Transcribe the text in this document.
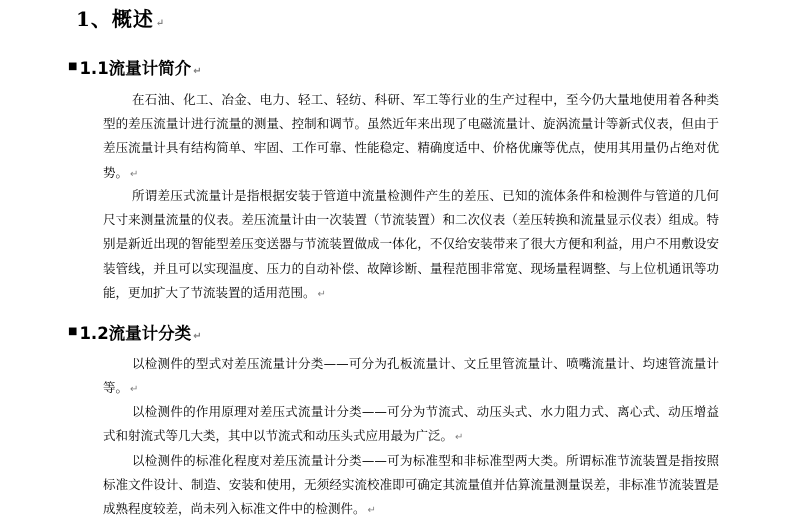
1、概述 ↵
■ 1.1流量计简介 ↵

在石油、化工、冶金、电力、轻工、轻纺、科研、军工等行业的生产过程中，至今仍大量地使用着各种类型的差压流量计进行流量的测量、控制和调节。虽然近年来出现了电磁流量计、旋涡流量计等新式仪表，但由于差压流量计具有结构简单、牢固、工作可靠、性能稳定、精确度适中、价格优廉等优点，使用其用量仍占绝对优势。 ↵

所谓差压式流量计是指根据安装于管道中流量检测件产生的差压、已知的流体条件和检测件与管道的几何尺寸来测量流量的仪表。差压流量计由一次装置（节流装置）和二次仪表（差压转换和流量显示仪表）组成。特别是新近出现的智能型差压变送器与节流装置做成一体化，不仅给安装带来了很大方便和利益，用户不用敷设安装管线，并且可以实现温度、压力的自动补偿、故障诊断、量程范围非常宽、现场量程调整、与上位机通讯等功能，更加扩大了节流装置的适用范围。 ↵

■ 1.2流量计分类 ↵

以检测件的型式对差压流量计分类——可分为孔板流量计、文丘里管流量计、喷嘴流量计、均速管流量计等。 ↵

以检测件的作用原理对差压式流量计分类——可分为节流式、动压头式、水力阻力式、离心式、动压增益式和射流式等几大类，其中以节流式和动压头式应用最为广泛。 ↵

以检测件的标准化程度对差压流量计分类——可为标准型和非标准型两大类。所谓标准节流装置是指按照标准文件设计、制造、安装和使用，无须经实流校准即可确定其流量值并估算流量测量误差，非标准节流装置是成熟程度较差，尚未列入标准文件中的检测件。 ↵
